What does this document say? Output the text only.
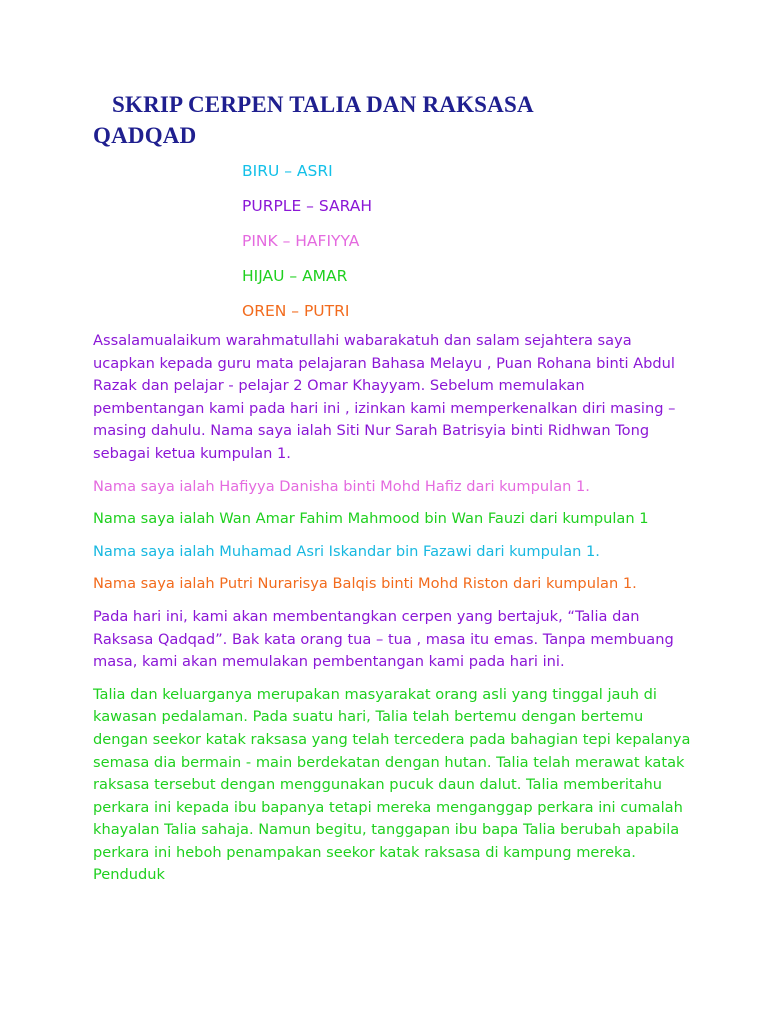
SKRIP CERPEN TALIA DAN RAKSASA
QADQAD
BIRU – ASRI
PURPLE – SARAH
PINK – HAFIYYA
HIJAU – AMAR
OREN – PUTRI

Assalamualaikum warahmatullahi wabarakatuh dan salam sejahtera saya ucapkan kepada guru mata pelajaran Bahasa Melayu , Puan Rohana binti Abdul Razak dan pelajar - pelajar 2 Omar Khayyam. Sebelum memulakan pembentangan kami pada hari ini , izinkan kami memperkenalkan diri masing – masing dahulu. Nama saya ialah Siti Nur Sarah Batrisyia binti Ridhwan Tong sebagai ketua kumpulan 1.

Nama saya ialah Hafiyya Danisha binti Mohd Hafiz dari kumpulan 1.

Nama saya ialah Wan Amar Fahim Mahmood bin Wan Fauzi dari kumpulan 1

Nama saya ialah Muhamad Asri Iskandar bin Fazawi dari kumpulan 1.

Nama saya ialah Putri Nurarisya Balqis binti Mohd Riston dari kumpulan 1.

Pada hari ini, kami akan membentangkan cerpen yang bertajuk, “Talia dan Raksasa Qadqad”. Bak kata orang tua – tua , masa itu emas. Tanpa membuang masa, kami akan memulakan pembentangan kami pada hari ini.

Talia dan keluarganya merupakan masyarakat orang asli yang tinggal jauh di kawasan pedalaman. Pada suatu hari, Talia telah bertemu dengan bertemu dengan seekor katak raksasa yang telah tercedera pada bahagian tepi kepalanya semasa dia bermain - main berdekatan dengan hutan. Talia telah merawat katak raksasa tersebut dengan menggunakan pucuk daun dalut. Talia memberitahu perkara ini kepada ibu bapanya tetapi mereka menganggap perkara ini cumalah khayalan Talia sahaja. Namun begitu, tanggapan ibu bapa Talia berubah apabila perkara ini heboh penampakan seekor katak raksasa di kampung mereka. Penduduk
